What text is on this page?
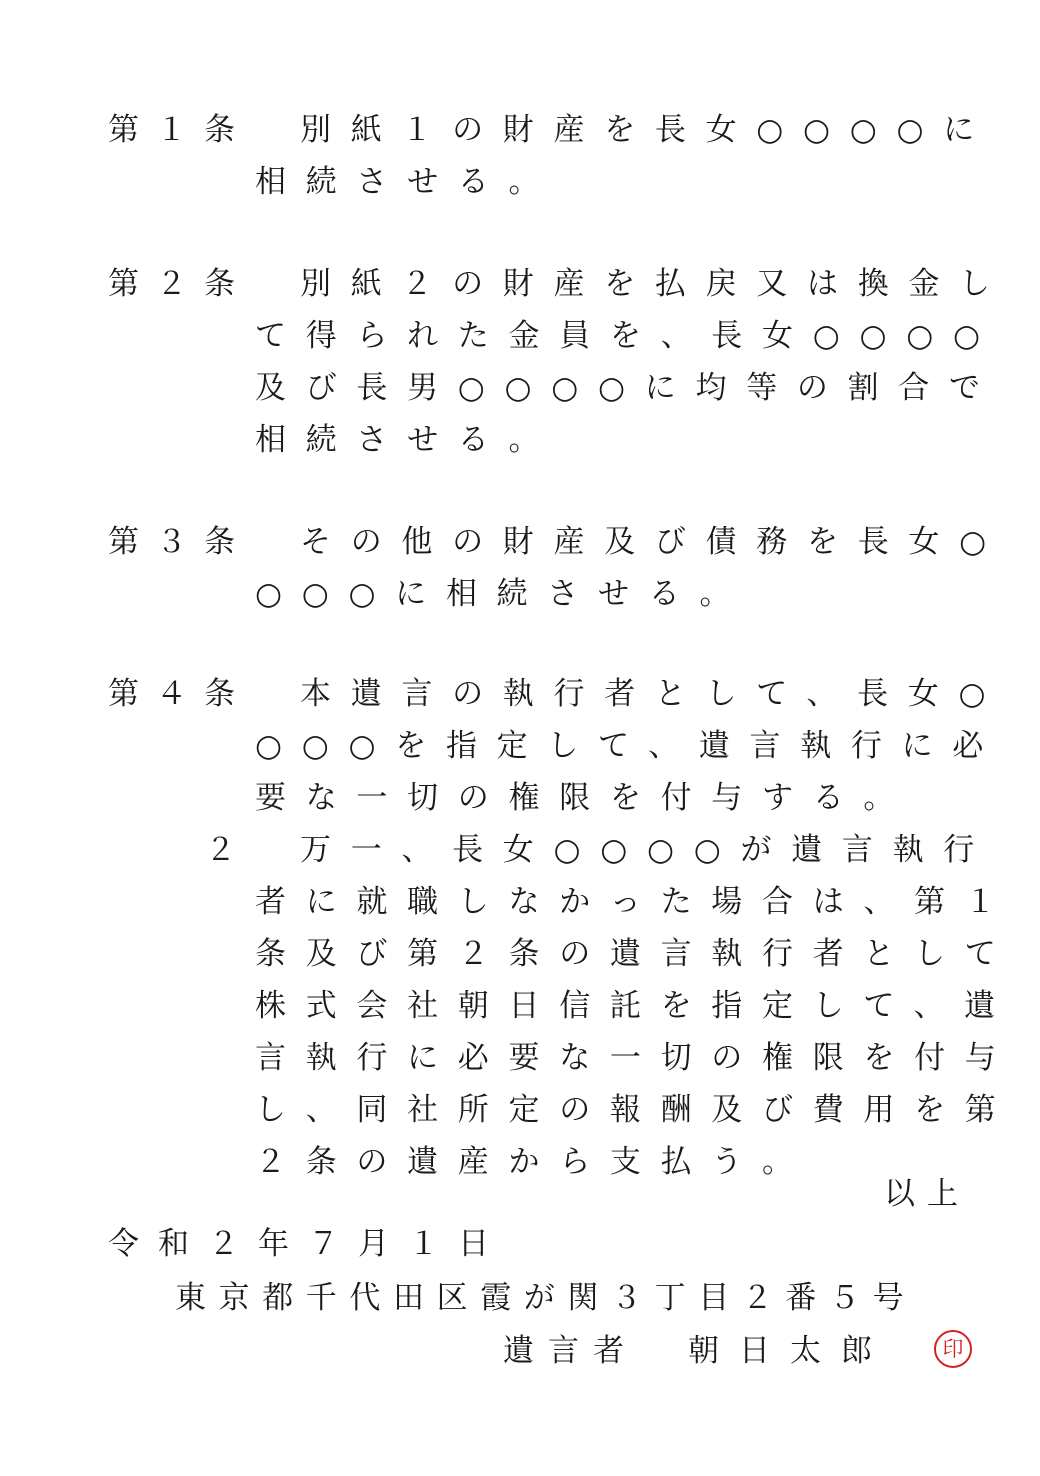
第１条 別紙１の財産を長女○○○○に

相続させる。

第２条 別紙２の財産を払戻又は換金し

て得られた金員を、長女○○○○

及び長男○○○○に均等の割合で

相続させる。

第３条 その他の財産及び債務を長女○

○○○に相続させる。

第４条 本遺言の執行者として、長女○

○○○を指定して、遺言執行に必

要な一切の権限を付与する。

２ 万一、長女○○○○が遺言執行

者に就職しなかった場合は、第１

条及び第２条の遺言執行者として

株式会社朝日信託を指定して、遺

言執行に必要な一切の権限を付与

し、同社所定の報酬及び費用を第

２条の遺産から支払う。

以上
令和２年７月１日
東京都千代田区霞が関３丁目２番５号
遺言者 朝日太郎	印
